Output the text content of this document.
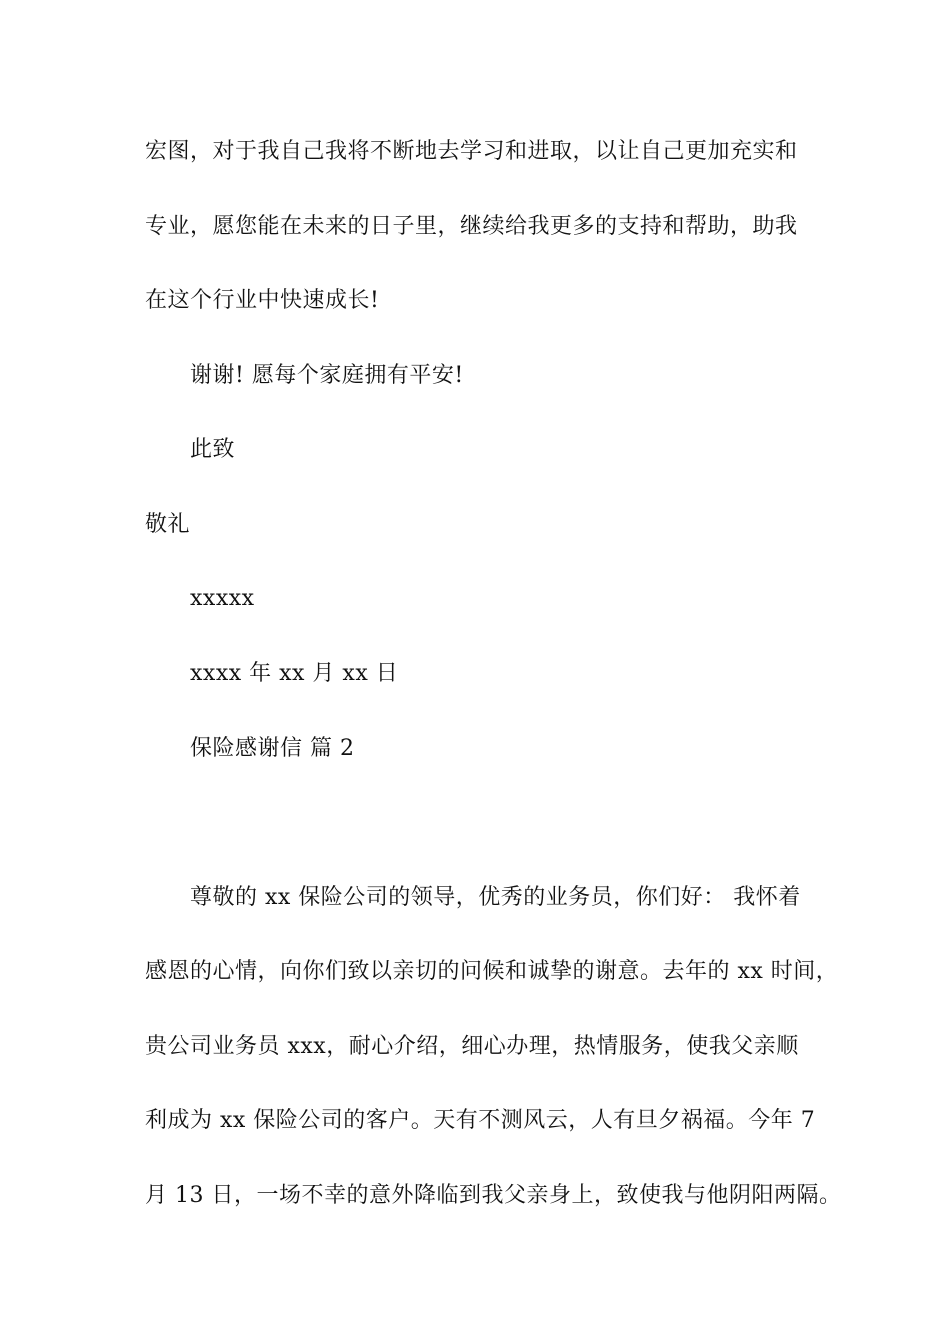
宏图，对于我自己我将不断地去学习和进取，以让自己更加充实和
专业，愿您能在未来的日子里，继续给我更多的支持和帮助，助我
在这个行业中快速成长!
谢谢! 愿每个家庭拥有平安!
此致
敬礼
xxxxx
xxxx 年 xx 月 xx 日
保险感谢信 篇 2
尊敬的 xx 保险公司的领导，优秀的业务员，你们好： 我怀着
感恩的心情，向你们致以亲切的问候和诚挚的谢意。去年的 xx 时间，
贵公司业务员 xxx，耐心介绍，细心办理，热情服务，使我父亲顺
利成为 xx 保险公司的客户。天有不测风云，人有旦夕祸福。今年 7
月 13 日，一场不幸的意外降临到我父亲身上，致使我与他阴阳两隔。
